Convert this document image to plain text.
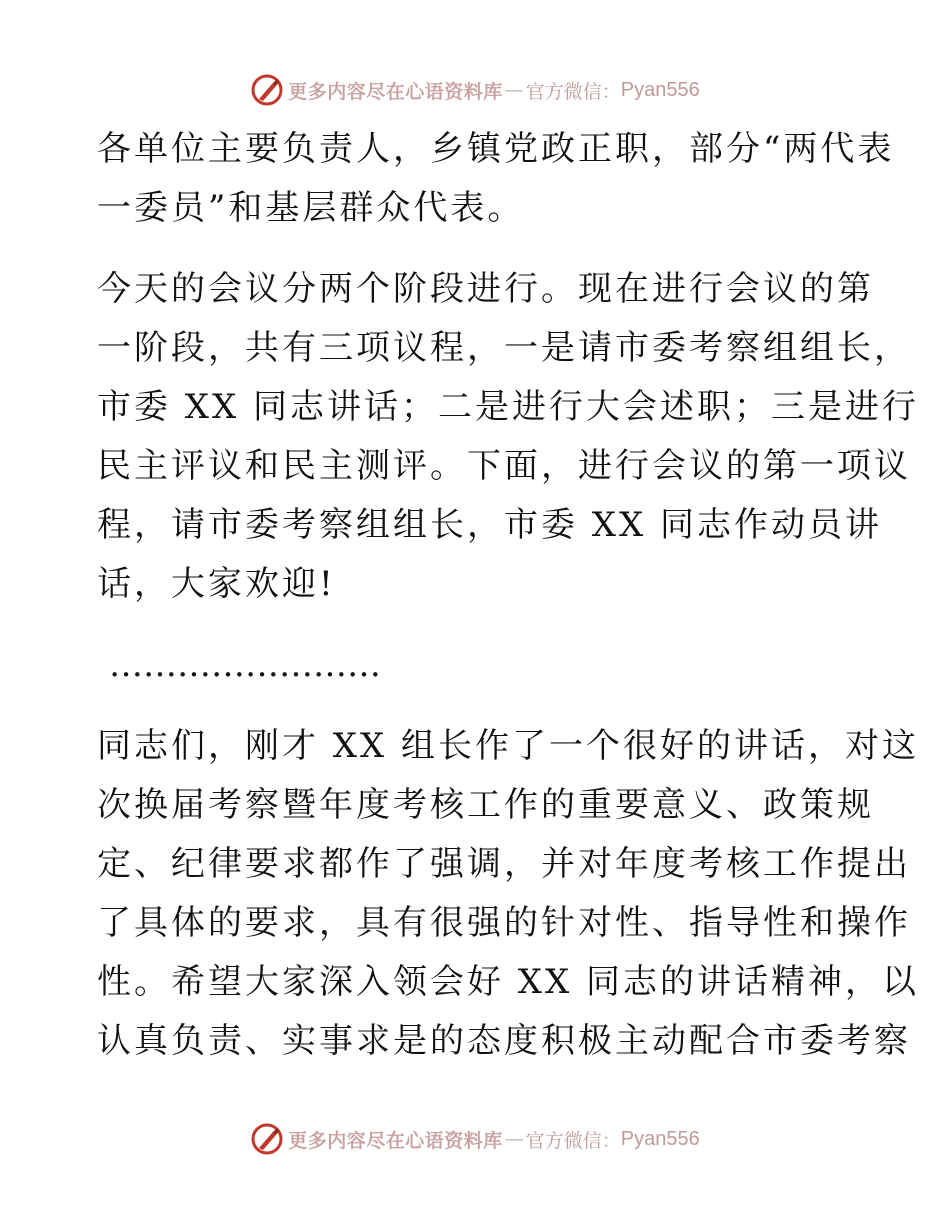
更多内容尽在心语资料库 — 官方微信： Pyan556

各单位主要负责人，乡镇党政正职，部分“两代表
一委员”和基层群众代表。

今天的会议分两个阶段进行。现在进行会议的第
一阶段，共有三项议程，一是请市委考察组组长，
市委 XX 同志讲话；二是进行大会述职；三是进行
民主评议和民主测评。下面，进行会议的第一项议
程，请市委考察组组长，市委 XX 同志作动员讲
话，大家欢迎!

……………………

同志们，刚才 XX 组长作了一个很好的讲话，对这
次换届考察暨年度考核工作的重要意义、政策规
定、纪律要求都作了强调，并对年度考核工作提出
了具体的要求，具有很强的针对性、指导性和操作
性。希望大家深入领会好 XX 同志的讲话精神，以
认真负责、实事求是的态度积极主动配合市委考察

更多内容尽在心语资料库 — 官方微信： Pyan556
